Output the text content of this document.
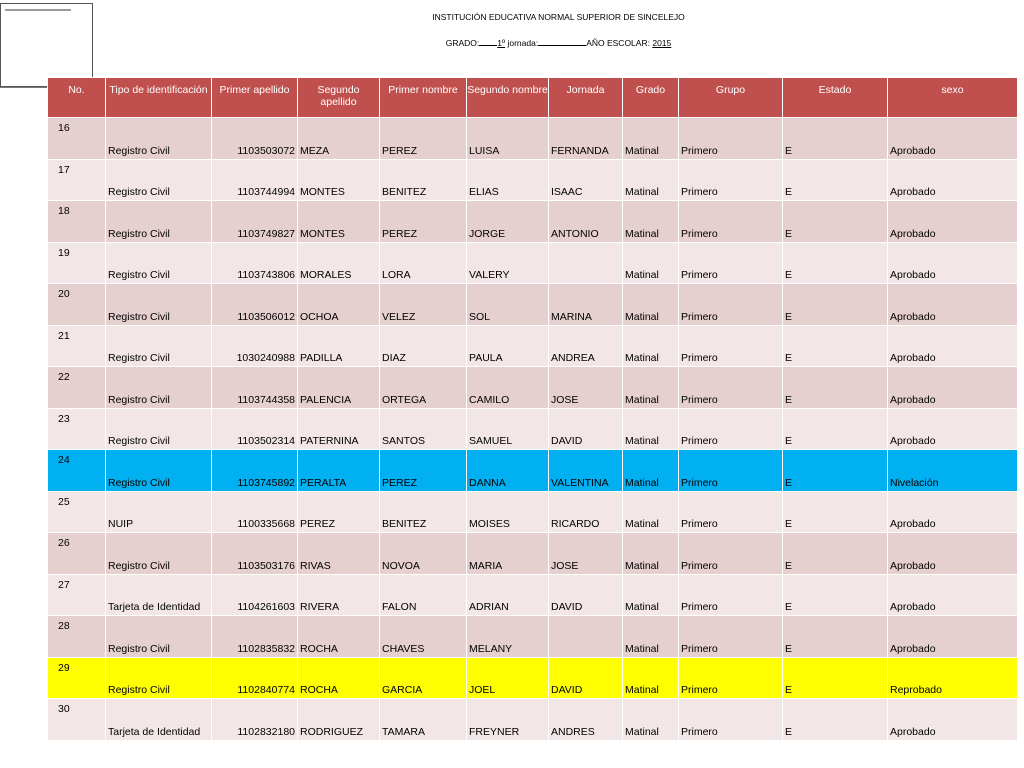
INSTITUCIÓN EDUCATIVA NORMAL SUPERIOR DE SINCELEJO
GRADO: 1º jornada:	AÑO ESCOLAR: 2015
No.	Tipo de identificación	Primer apellido	Segundo apellido	Primer nombre	Segundo nombre	Jornada	Grado	Grupo	Estado	sexo
16	Registro Civil	1103503072	MEZA	PEREZ	LUISA	FERNANDA	Matinal	Primero	E	Aprobado
17	Registro Civil	1103744994	MONTES	BENITEZ	ELIAS	ISAAC	Matinal	Primero	E	Aprobado
18	Registro Civil	1103749827	MONTES	PEREZ	JORGE	ANTONIO	Matinal	Primero	E	Aprobado
19	Registro Civil	1103743806	MORALES	LORA	VALERY		Matinal	Primero	E	Aprobado
20	Registro Civil	1103506012	OCHOA	VELEZ	SOL	MARINA	Matinal	Primero	E	Aprobado
21	Registro Civil	1030240988	PADILLA	DIAZ	PAULA	ANDREA	Matinal	Primero	E	Aprobado
22	Registro Civil	1103744358	PALENCIA	ORTEGA	CAMILO	JOSE	Matinal	Primero	E	Aprobado
23	Registro Civil	1103502314	PATERNINA	SANTOS	SAMUEL	DAVID	Matinal	Primero	E	Aprobado
24	Registro Civil	1103745892	PERALTA	PEREZ	DANNA	VALENTINA	Matinal	Primero	E	Nivelación
25	NUIP	1100335668	PEREZ	BENITEZ	MOISES	RICARDO	Matinal	Primero	E	Aprobado
26	Registro Civil	1103503176	RIVAS	NOVOA	MARIA	JOSE	Matinal	Primero	E	Aprobado
27	Tarjeta de Identidad	1104261603	RIVERA	FALON	ADRIAN	DAVID	Matinal	Primero	E	Aprobado
28	Registro Civil	1102835832	ROCHA	CHAVES	MELANY		Matinal	Primero	E	Aprobado
29	Registro Civil	1102840774	ROCHA	GARCIA	JOEL	DAVID	Matinal	Primero	E	Reprobado
30	Tarjeta de Identidad	1102832180	RODRIGUEZ	TAMARA	FREYNER	ANDRES	Matinal	Primero	E	Aprobado
